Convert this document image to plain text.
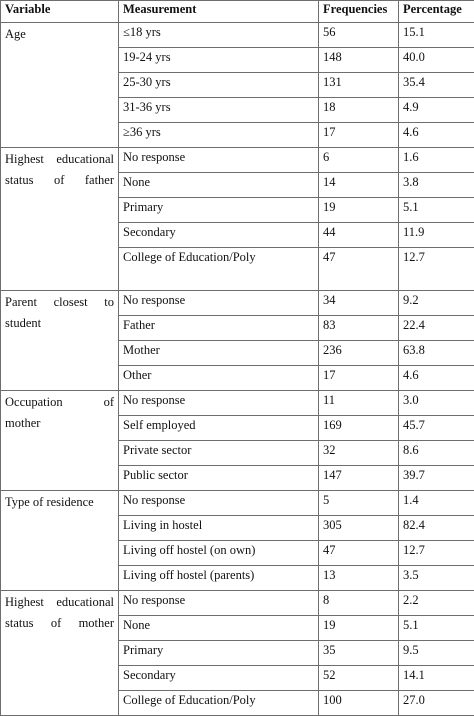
Variable	Measurement	Frequencies	Percentage
Age	≤18 yrs	56	15.1
	19-24 yrs	148	40.0
	25-30 yrs	131	35.4
	31-36 yrs	18	4.9
	≥36 yrs	17	4.6
Highest educational status of father	No response	6	1.6
	None	14	3.8
	Primary	19	5.1
	Secondary	44	11.9
	College of Education/Poly	47	12.7
Parent closest to student	No response	34	9.2
	Father	83	22.4
	Mother	236	63.8
	Other	17	4.6
Occupation of mother	No response	11	3.0
	Self employed	169	45.7
	Private sector	32	8.6
	Public sector	147	39.7
Type of residence	No response	5	1.4
	Living in hostel	305	82.4
	Living off hostel (on own)	47	12.7
	Living off hostel (parents)	13	3.5
Highest educational status of mother	No response	8	2.2
	None	19	5.1
	Primary	35	9.5
	Secondary	52	14.1
	College of Education/Poly	100	27.0
